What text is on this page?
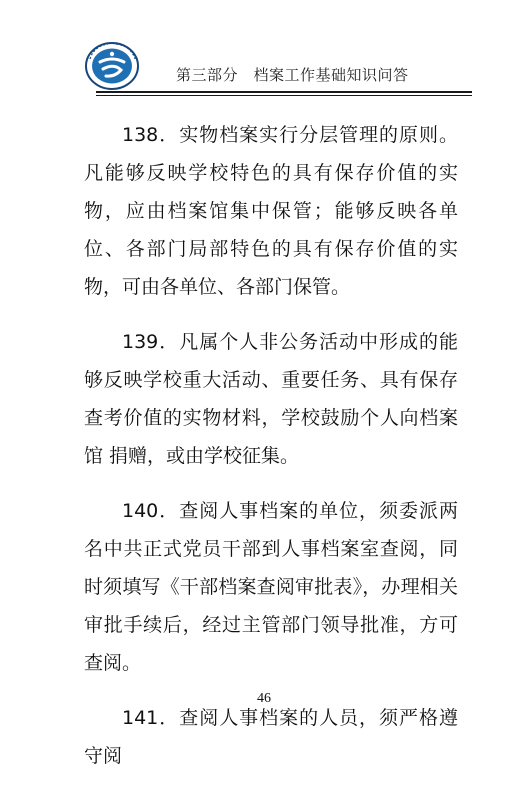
第三部分　档案工作基础知识问答

138．实物档案实行分层管理的原则。凡能够反映学校特色的具有保存价值的实物，应由档案馆集中保管；能够反映各单位、各部门局部特色的具有保存价值的实物，可由各单位、各部门保管。

139．凡属个人非公务活动中形成的能够反映学校重大活动、重要任务、具有保存查考价值的实物材料，学校鼓励个人向档案馆 捐赠，或由学校征集。

140．查阅人事档案的单位，须委派两名中共正式党员干部到人事档案室查阅，同时须填写《干部档案查阅审批表》，办理相关审批手续后，经过主管部门领导批准，方可查阅。

141．查阅人事档案的人员，须严格遵守阅

46
